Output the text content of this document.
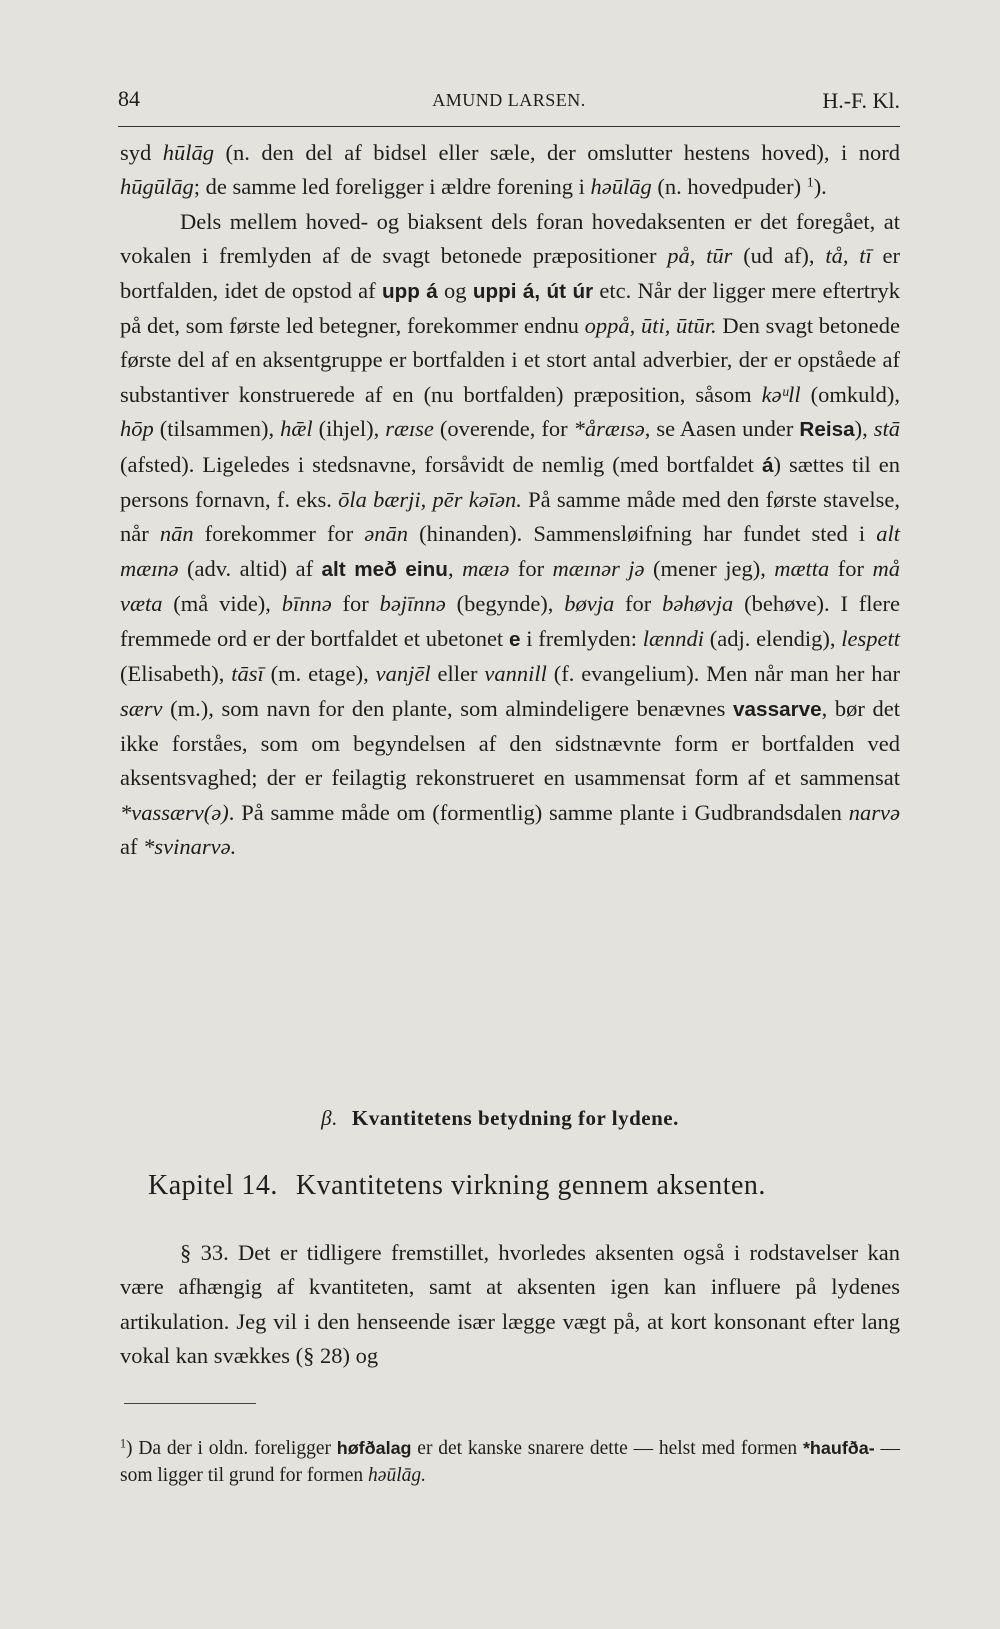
84	AMUND LARSEN.	H.-F. Kl.

syd hūlāg (n. den del af bidsel eller sæle, der omslutter hestens hoved), i nord hūgūlāg; de samme led foreligger i ældre forening i həūlāg (n. hovedpuder) $^1$).

Dels mellem hoved- og biaksent dels foran hovedaksenten er det foregået, at vokalen i fremlyden af de svagt betonede præpositioner på, tūr (ud af), tå, tī er bortfalden, idet de opstod af upp á og uppi á, út úr etc. Når der ligger mere eftertryk på det, som første led betegner, forekommer endnu oppå, ūti, ūtūr. Den svagt betonede første del af en aksentgruppe er bortfalden i et stort antal adverbier, der er opståede af substantiver konstruerede af en (nu bortfalden) præposition, såsom kəᵘll (omkuld), hōp (tilsammen), hǣl (ihjel), ræɪse (overende, for *åræɪsə, se Aasen under Reisa), stā (afsted). Ligeledes i stedsnavne, forsåvidt de nemlig (med bortfaldet á) sættes til en persons fornavn, f. eks. ōla bærji, pēr kəīən. På samme måde med den første stavelse, når nān forekommer for ənān (hinanden). Sammensløifning har fundet sted i alt mæɪnə (adv. altid) af alt með einu, mæɪə for mæɪnər jə (mener jeg), mætta for må væta (må vide), bīnnə for bəjīnnə (begynde), bøvja for bəhøvja (behøve). I flere fremmede ord er der bortfaldet et ubetonet e i fremlyden: lænndi (adj. elendig), lespett (Elisabeth), tāsī (m. etage), vanjēl eller vannill (f. evangelium). Men når man her har særv (m.), som navn for den plante, som almindeligere benævnes vassarve, bør det ikke forståes, som om begyndelsen af den sidstnævnte form er bortfalden ved aksentsvaghed; der er feilagtig rekonstrueret en usammensat form af et sammensat *vassærv(ə). På samme måde om (formentlig) samme plante i Gudbrandsdalen narvə af *svinarvə.

β. Kvantitetens betydning for lydene.
Kapitel 14. Kvantitetens virkning gennem aksenten.

§ 33. Det er tidligere fremstillet, hvorledes aksenten også i rodstavelser kan være afhængig af kvantiteten, samt at aksenten igen kan influere på lydenes artikulation. Jeg vil i den henseende især lægge vægt på, at kort konsonant efter lang vokal kan svækkes (§ 28) og

$^1$) Da der i oldn. foreligger høfðalag er det kanske snarere dette — helst med formen *haufða- — som ligger til grund for formen həūlāg.
